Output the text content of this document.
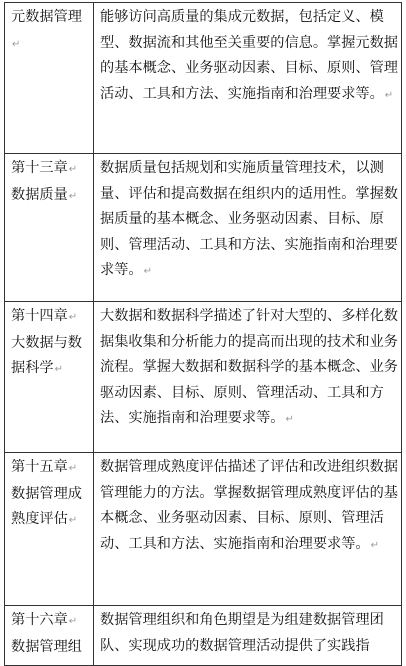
元数据管理↵	能够访问高质量的集成元数据，包括定义、模型、数据流和其他至关重要的信息。掌握元数据的基本概念、业务驱动因素、目标、原则、管理活动、工具和方法、实施指南和治理要求等。↵
第十三章↵
数据质量↵	数据质量包括规划和实施质量管理技术，以测量、评估和提高数据在组织内的适用性。掌握数据质量的基本概念、业务驱动因素、目标、原则、管理活动、工具和方法、实施指南和治理要求等。↵
第十四章↵
大数据与数据科学↵	大数据和数据科学描述了针对大型的、多样化数据集收集和分析能力的提高而出现的技术和业务流程。掌握大数据和数据科学的基本概念、业务驱动因素、目标、原则、管理活动、工具和方法、实施指南和治理要求等。↵
第十五章↵
数据管理成熟度评估↵	数据管理成熟度评估描述了评估和改进组织数据管理能力的方法。掌握数据管理成熟度评估的基本概念、业务驱动因素、目标、原则、管理活动、工具和方法、实施指南和治理要求等。↵
第十六章↵
数据管理组	数据管理组织和角色期望是为组建数据管理团队、实现成功的数据管理活动提供了实践指
